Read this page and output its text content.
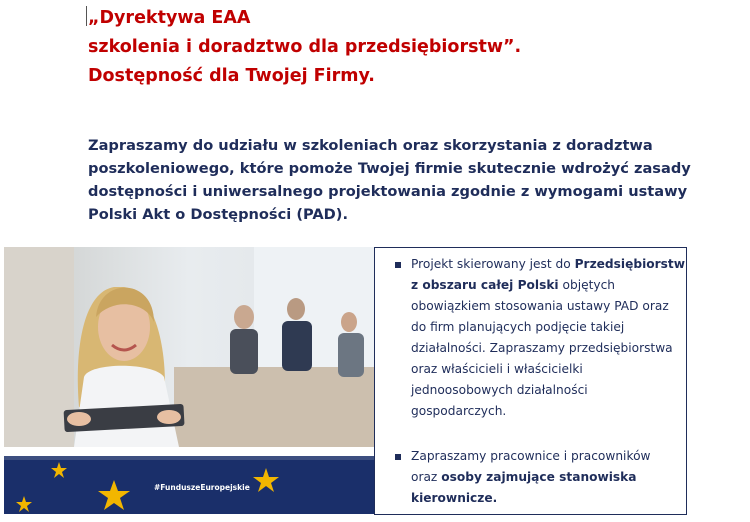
„Dyrektywa EAA
szkolenia i doradztwo dla przedsiębiorstw”.
Dostępność dla Twojej Firmy.
Zapraszamy do udziału w szkoleniach oraz skorzystania z doradztwa
poszkoleniowego, które pomoże Twojej firmie skutecznie wdrożyć zasady
dostępności i uniwersalnego projektowania zgodnie z wymogami ustawy
Polski Akt o Dostępności (PAD).
#FunduszeEuropejskie
Projekt skierowany jest do Przedsiębiorstw
z obszaru całej Polski objętych
obowiązkiem stosowania ustawy PAD oraz
do firm planujących podjęcie takiej
działalności. Zapraszamy przedsiębiorstwa
oraz właścicieli i właścicielki
jednoosobowych działalności
gospodarczych.
Zapraszamy pracownice i pracowników
oraz osoby zajmujące stanowiska
kierownicze.
